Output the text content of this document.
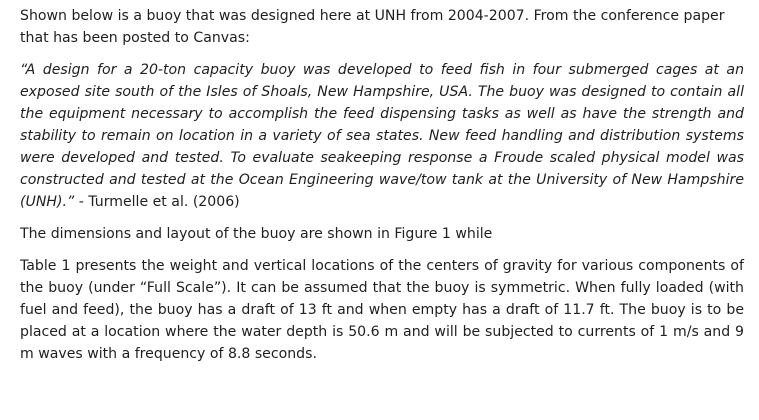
Shown below is a buoy that was designed here at UNH from 2004-2007. From the conference paper that has been posted to Canvas:

“A design for a 20-ton capacity buoy was developed to feed fish in four submerged cages at an exposed site south of the Isles of Shoals, New Hampshire, USA. The buoy was designed to contain all the equipment necessary to accomplish the feed dispensing tasks as well as have the strength and stability to remain on location in a variety of sea states. New feed handling and distribution systems were developed and tested. To evaluate seakeeping response a Froude scaled physical model was constructed and tested at the Ocean Engineering wave/tow tank at the University of New Hampshire (UNH).” - Turmelle et al. (2006)

The dimensions and layout of the buoy are shown in Figure 1 while

Table 1 presents the weight and vertical locations of the centers of gravity for various components of the buoy (under “Full Scale”). It can be assumed that the buoy is symmetric. When fully loaded (with fuel and feed), the buoy has a draft of 13 ft and when empty has a draft of 11.7 ft. The buoy is to be placed at a location where the water depth is 50.6 m and will be subjected to currents of 1 m/s and 9 m waves with a frequency of 8.8 seconds.
